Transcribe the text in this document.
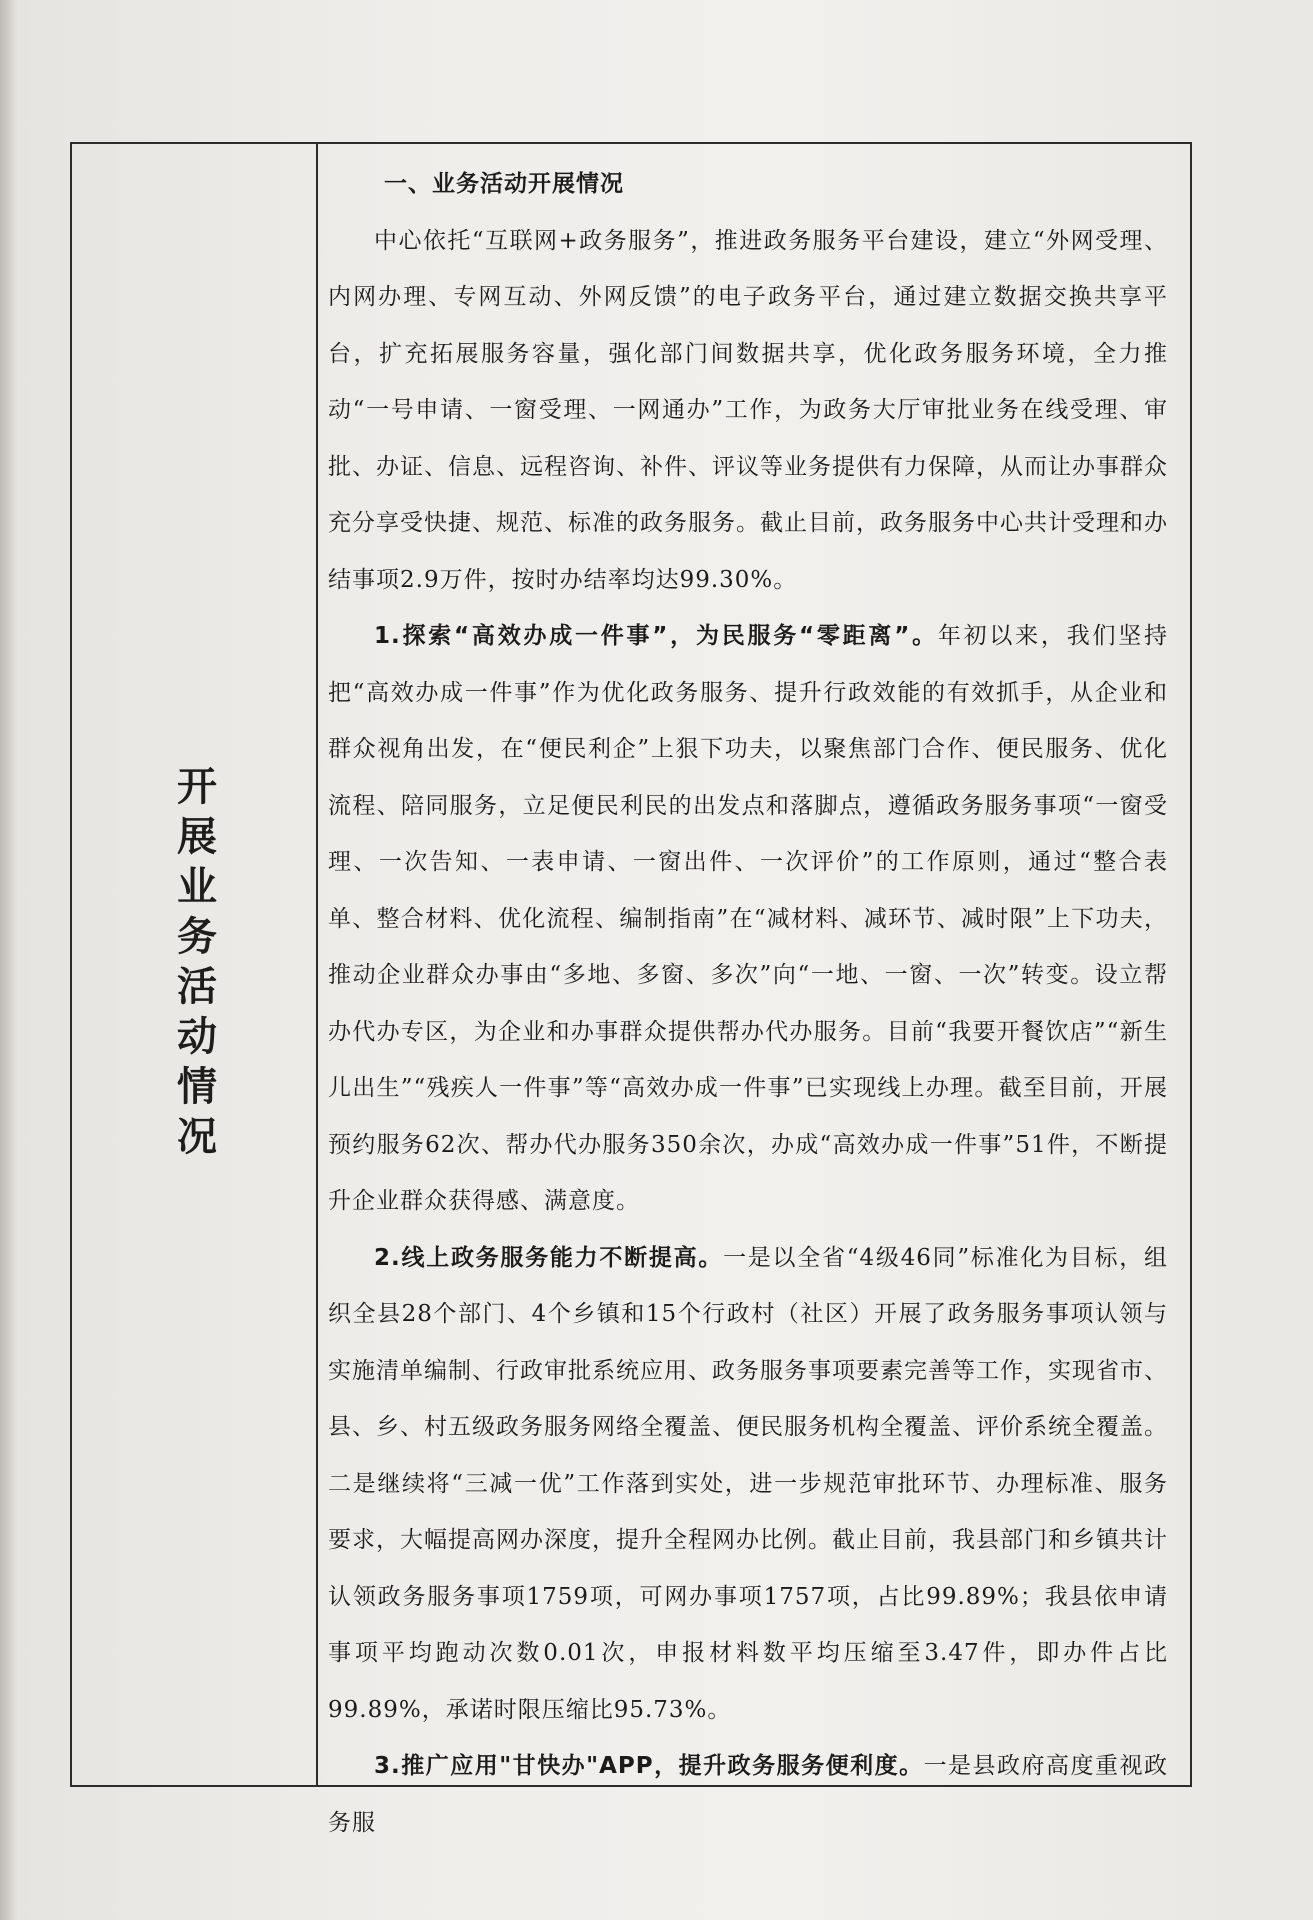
开展业务活动情况

一、业务活动开展情况

中心依托“互联网+政务服务”，推进政务服务平台建设，建立“外网受理、内网办理、专网互动、外网反馈”的电子政务平台，通过建立数据交换共享平台，扩充拓展服务容量，强化部门间数据共享，优化政务服务环境，全力推动“一号申请、一窗受理、一网通办”工作，为政务大厅审批业务在线受理、审批、办证、信息、远程咨询、补件、评议等业务提供有力保障，从而让办事群众充分享受快捷、规范、标准的政务服务。截止目前，政务服务中心共计受理和办结事项2.9万件，按时办结率均达99.30%。

1.探索“高效办成一件事”，为民服务“零距离”。年初以来，我们坚持把“高效办成一件事”作为优化政务服务、提升行政效能的有效抓手，从企业和群众视角出发，在“便民利企”上狠下功夫，以聚焦部门合作、便民服务、优化流程、陪同服务，立足便民利民的出发点和落脚点，遵循政务服务事项“一窗受理、一次告知、一表申请、一窗出件、一次评价”的工作原则，通过“整合表单、整合材料、优化流程、编制指南”在“减材料、减环节、减时限”上下功夫，推动企业群众办事由“多地、多窗、多次”向“一地、一窗、一次”转变。设立帮办代办专区，为企业和办事群众提供帮办代办服务。目前“我要开餐饮店”“新生儿出生”“残疾人一件事”等“高效办成一件事”已实现线上办理。截至目前，开展预约服务62次、帮办代办服务350余次，办成“高效办成一件事”51件，不断提升企业群众获得感、满意度。

2.线上政务服务能力不断提高。一是以全省“4级46同”标准化为目标，组织全县28个部门、4个乡镇和15个行政村（社区）开展了政务服务事项认领与实施清单编制、行政审批系统应用、政务服务事项要素完善等工作，实现省市、县、乡、村五级政务服务网络全覆盖、便民服务机构全覆盖、评价系统全覆盖。二是继续将“三减一优”工作落到实处，进一步规范审批环节、办理标准、服务要求，大幅提高网办深度，提升全程网办比例。截止目前，我县部门和乡镇共计认领政务服务事项1759项，可网办事项1757项，占比99.89%；我县依申请事项平均跑动次数0.01次，申报材料数平均压缩至3.47件，即办件占比99.89%，承诺时限压缩比95.73%。

3.推广应用"甘快办"APP，提升政务服务便利度。一是县政府高度重视政务服
